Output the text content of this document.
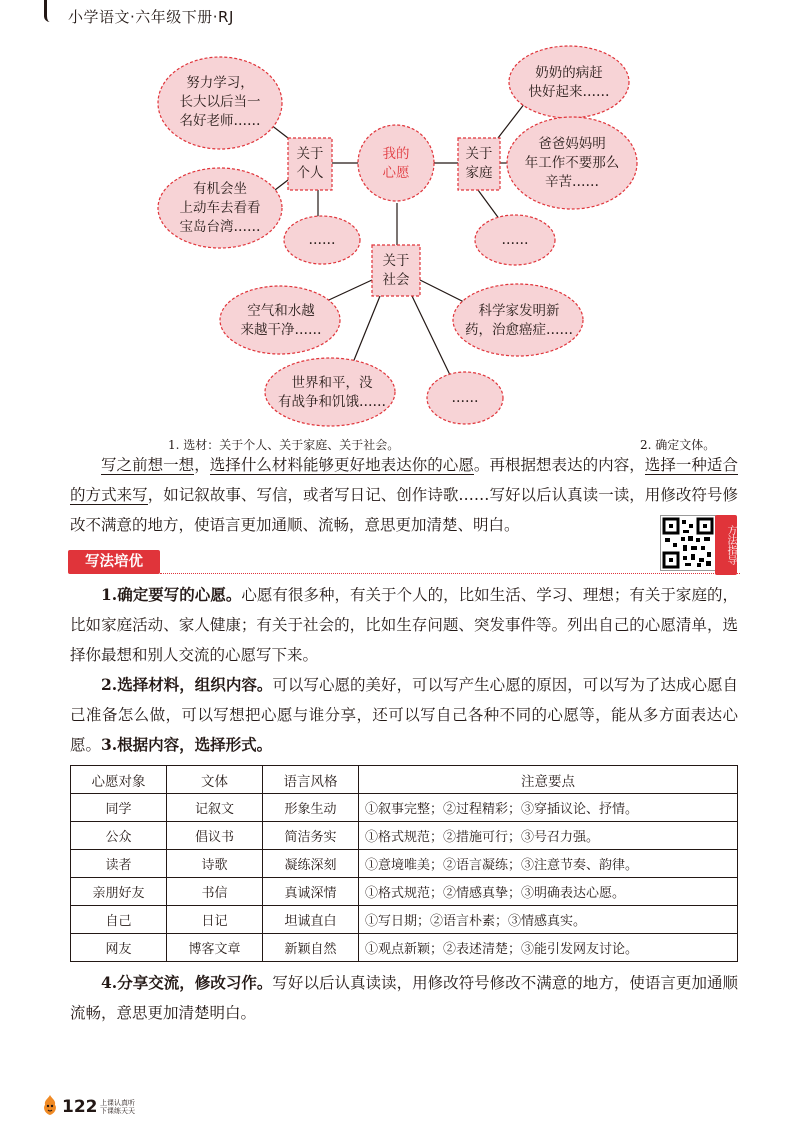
小学语文·六年级下册·RJ
我的
心愿
关于
个人
关于
家庭
关于
社会
努力学习，
长大以后当一
名好老师……
有机会坐
上动车去看看
宝岛台湾……
……
奶奶的病赶
快好起来……
爸爸妈妈明
年工作不要那么
辛苦……
……
空气和水越
来越干净……
科学家发明新
药，治愈癌症……
世界和平，没
有战争和饥饿……	……
1. 选材：关于个人、关于家庭、关于社会。	2. 确定文体。

写之前想一想，选择什么材料能够更好地表达你的心愿。再根据想表达的内容，选择一种适合的方式来写，如记叙故事、写信，或者写日记、创作诗歌……写好以后认真读一读，用修改符号修改不满意的地方，使语言更加通顺、流畅，意思更加清楚、明白。	方法指导
写法培优

1.确定要写的心愿。心愿有很多种，有关于个人的，比如生活、学习、理想；有关于家庭的，比如家庭活动、家人健康；有关于社会的，比如生存问题、突发事件等。列出自己的心愿清单，选择你最想和别人交流的心愿写下来。

2.选择材料，组织内容。可以写心愿的美好，可以写产生心愿的原因，可以写为了达成心愿自己准备怎么做，可以写想把心愿与谁分享，还可以写自己各种不同的心愿等，能从多方面表达心愿。 3.根据内容，选择形式。

心愿对象	文体	语言风格	注意要点
同学	记叙文	形象生动	①叙事完整；②过程精彩；③穿插议论、抒情。
公众	倡议书	简洁务实	①格式规范；②措施可行；③号召力强。
读者	诗歌	凝练深刻	①意境唯美；②语言凝练；③注意节奏、韵律。
亲朋好友	书信	真诚深情	①格式规范；②情感真挚；③明确表达心愿。
自己	日记	坦诚直白	①写日期；②语言朴素；③情感真实。
网友	博客文章	新颖自然	①观点新颖；②表述清楚；③能引发网友讨论。

4.分享交流，修改习作。写好以后认真读读，用修改符号修改不满意的地方，使语言更加通顺流畅，意思更加清楚明白。

122 上课认真听
下课练天天
